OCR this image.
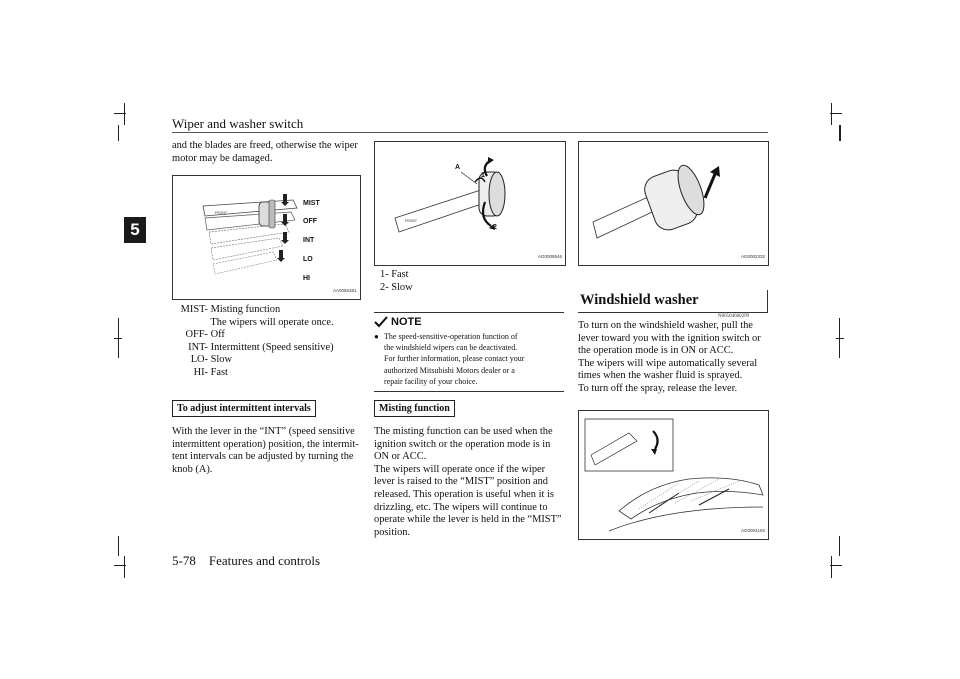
Wiper and washer switch
5
5-78 Features and controls
and the blades are freed, otherwise the wiper
motor may be damaged.
FRONT
MIST
OFF
INT
LO
HI
AA0055381
MIST- Misting function
The wipers will operate once.
OFF- Off
INT- Intermittent (Speed sensitive)
LO- Slow
HI- Fast
To adjust intermittent intervals
With the lever in the “INT” (speed sensitive
intermittent operation) position, the intermit-
tent intervals can be adjusted by turning the
knob (A).
FRONT
A
1
2
AG0009546
1- Fast
2- Slow
NOTE
● The speed-sensitive-operation function of
the windshield wipers can be deactivated.
For further information, please contact your
authorized Mitsubishi Motors dealer or a
repair facility of your choice.
Misting function
The misting function can be used when the
ignition switch or the operation mode is in
ON or ACC.
The wipers will operate once if the wiper
lever is raised to the “MIST” position and
released. This operation is useful when it is
drizzling, etc. The wipers will continue to
operate while the lever is held in the “MIST”
position.
AG0002332
Windshield washer
N00504600299
To turn on the windshield washer, pull the
lever toward you with the ignition switch or
the operation mode is in ON or ACC.
The wipers will wipe automatically several
times when the washer fluid is sprayed.
To turn off the spray, release the lever.
AG0004192
